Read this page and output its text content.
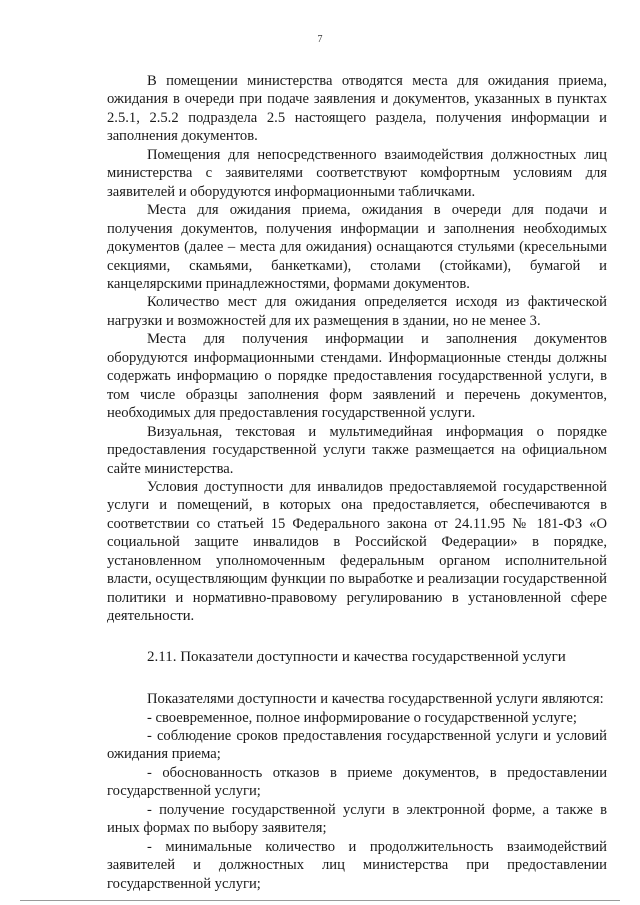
7

В помещении министерства отводятся места для ожидания приема, ожидания в очереди при подаче заявления и документов, указанных в пунктах 2.5.1, 2.5.2 подраздела 2.5 настоящего раздела, получения информации и заполнения документов.

Помещения для непосредственного взаимодействия должностных лиц министерства с заявителями соответствуют комфортным условиям для заявителей и оборудуются информационными табличками.

Места для ожидания приема, ожидания в очереди для подачи и получения документов, получения информации и заполнения необходимых документов (далее – места для ожидания) оснащаются стульями (кресельными секциями, скамьями, банкетками), столами (стойками), бумагой и канцелярскими принадлежностями, формами документов.

Количество мест для ожидания определяется исходя из фактической нагрузки и возможностей для их размещения в здании, но не менее 3.

Места для получения информации и заполнения документов оборудуются информационными стендами. Информационные стенды должны содержать информацию о порядке предоставления государственной услуги, в том числе образцы заполнения форм заявлений и перечень документов, необходимых для предоставления государственной услуги.

Визуальная, текстовая и мультимедийная информация о порядке предоставления государственной услуги также размещается на официальном сайте министерства.

Условия доступности для инвалидов предоставляемой государственной услуги и помещений, в которых она предоставляется, обеспечиваются в соответствии со статьей 15 Федерального закона от 24.11.95 № 181-ФЗ «О социальной защите инвалидов в Российской Федерации» в порядке, установленном уполномоченным федеральным органом исполнительной власти, осуществляющим функции по выработке и реализации государственной политики и нормативно-правовому регулированию в установленной сфере деятельности.

2.11. Показатели доступности и качества государственной услуги

Показателями доступности и качества государственной услуги являются:

- своевременное, полное информирование о государственной услуге;

- соблюдение сроков предоставления государственной услуги и условий ожидания приема;

- обоснованность отказов в приеме документов, в предоставлении государственной услуги;

- получение государственной услуги в электронной форме, а также в иных формах по выбору заявителя;

- минимальные количество и продолжительность взаимодействий заявителей и должностных лиц министерства при предоставлении государственной услуги;
